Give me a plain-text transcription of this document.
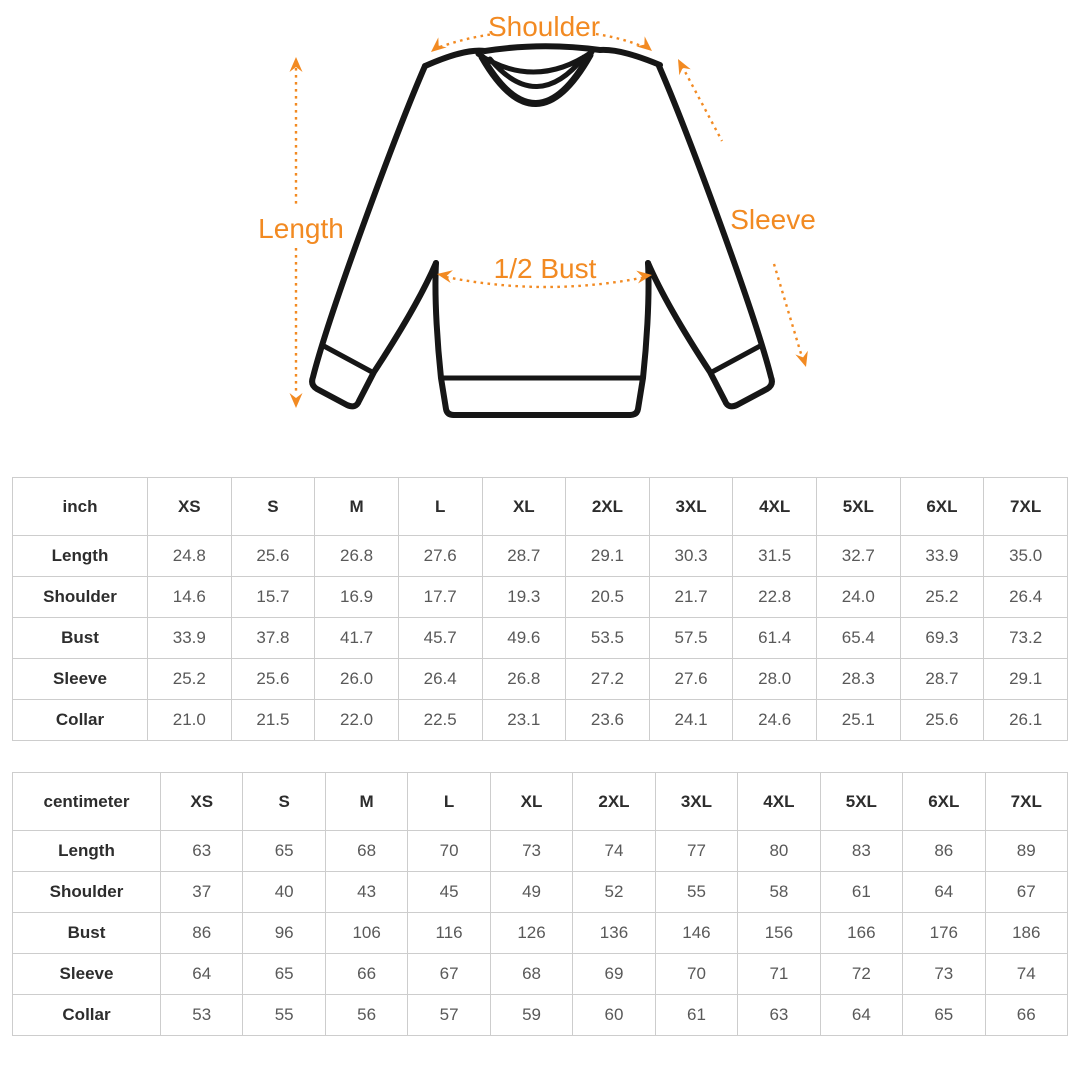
Length
Shoulder
Sleeve
1/2 Bust
inch	XS	S	M	L	XL	2XL	3XL	4XL	5XL	6XL	7XL
Length	24.8	25.6	26.8	27.6	28.7	29.1	30.3	31.5	32.7	33.9	35.0
Shoulder	14.6	15.7	16.9	17.7	19.3	20.5	21.7	22.8	24.0	25.2	26.4
Bust	33.9	37.8	41.7	45.7	49.6	53.5	57.5	61.4	65.4	69.3	73.2
Sleeve	25.2	25.6	26.0	26.4	26.8	27.2	27.6	28.0	28.3	28.7	29.1
Collar	21.0	21.5	22.0	22.5	23.1	23.6	24.1	24.6	25.1	25.6	26.1
centimeter	XS	S	M	L	XL	2XL	3XL	4XL	5XL	6XL	7XL
Length	63	65	68	70	73	74	77	80	83	86	89
Shoulder	37	40	43	45	49	52	55	58	61	64	67
Bust	86	96	106	116	126	136	146	156	166	176	186
Sleeve	64	65	66	67	68	69	70	71	72	73	74
Collar	53	55	56	57	59	60	61	63	64	65	66
